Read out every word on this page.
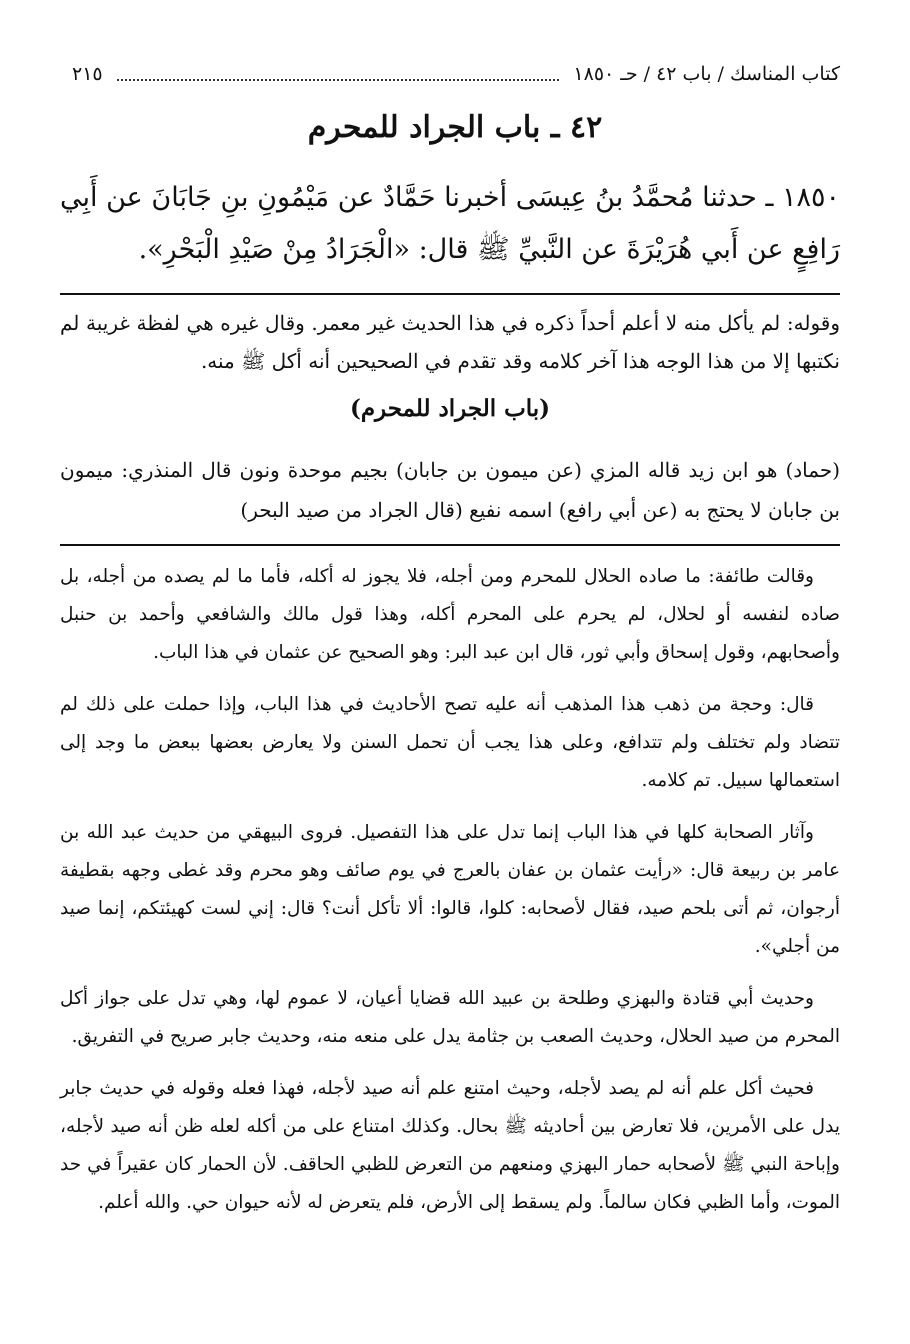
كتاب المناسك / باب ٤٢ / حـ ١٨٥٠
٢١٥
٤٢ ـ باب الجراد للمحرم
١٨٥٠ ـ حدثنا مُحمَّدُ بنُ عِيسَى أخبرنا حَمَّادٌ عن مَيْمُونِ بنِ جَابَانَ عن أَبِي رَافِعٍ عن أَبي هُرَيْرَةَ عن النَّبيِّ ﷺ قال: «الْجَرَادُ مِنْ صَيْدِ الْبَحْرِ».
وقوله: لم يأكل منه لا أعلم أحداً ذكره في هذا الحديث غير معمر. وقال غيره هي لفظة غريبة لم نكتبها إلا من هذا الوجه هذا آخر كلامه وقد تقدم في الصحيحين أنه أكل ﷺ منه.
(باب الجراد للمحرم)
(حماد) هو ابن زيد قاله المزي (عن ميمون بن جابان) بجيم موحدة ونون قال المنذري: ميمون بن جابان لا يحتج به (عن أبي رافع) اسمه نفيع (قال الجراد من صيد البحر)

وقالت طائفة: ما صاده الحلال للمحرم ومن أجله، فلا يجوز له أكله، فأما ما لم يصده من أجله، بل صاده لنفسه أو لحلال، لم يحرم على المحرم أكله، وهذا قول مالك والشافعي وأحمد بن حنبل وأصحابهم، وقول إسحاق وأبي ثور، قال ابن عبد البر: وهو الصحيح عن عثمان في هذا الباب.

قال: وحجة من ذهب هذا المذهب أنه عليه تصح الأحاديث في هذا الباب، وإذا حملت على ذلك لم تتضاد ولم تختلف ولم تتدافع، وعلى هذا يجب أن تحمل السنن ولا يعارض بعضها ببعض ما وجد إلى استعمالها سبيل. تم كلامه.

وآثار الصحابة كلها في هذا الباب إنما تدل على هذا التفصيل. فروى البيهقي من حديث عبد الله بن عامر بن ربيعة قال: «رأيت عثمان بن عفان بالعرج في يوم صائف وهو محرم وقد غطى وجهه بقطيفة أرجوان، ثم أتى بلحم صيد، فقال لأصحابه: كلوا، قالوا: ألا تأكل أنت؟ قال: إني لست كهيئتكم، إنما صيد من أجلي».

وحديث أبي قتادة والبهزي وطلحة بن عبيد الله قضايا أعيان، لا عموم لها، وهي تدل على جواز أكل المحرم من صيد الحلال، وحديث الصعب بن جثامة يدل على منعه منه، وحديث جابر صريح في التفريق.

فحيث أكل علم أنه لم يصد لأجله، وحيث امتنع علم أنه صيد لأجله، فهذا فعله وقوله في حديث جابر يدل على الأمرين، فلا تعارض بين أحاديثه ﷺ بحال. وكذلك امتناع على من أكله لعله ظن أنه صيد لأجله، وإباحة النبي ﷺ لأصحابه حمار البهزي ومنعهم من التعرض للظبي الحاقف. لأن الحمار كان عقيراً في حد الموت، وأما الظبي فكان سالماً. ولم يسقط إلى الأرض، فلم يتعرض له لأنه حيوان حي. والله أعلم.
